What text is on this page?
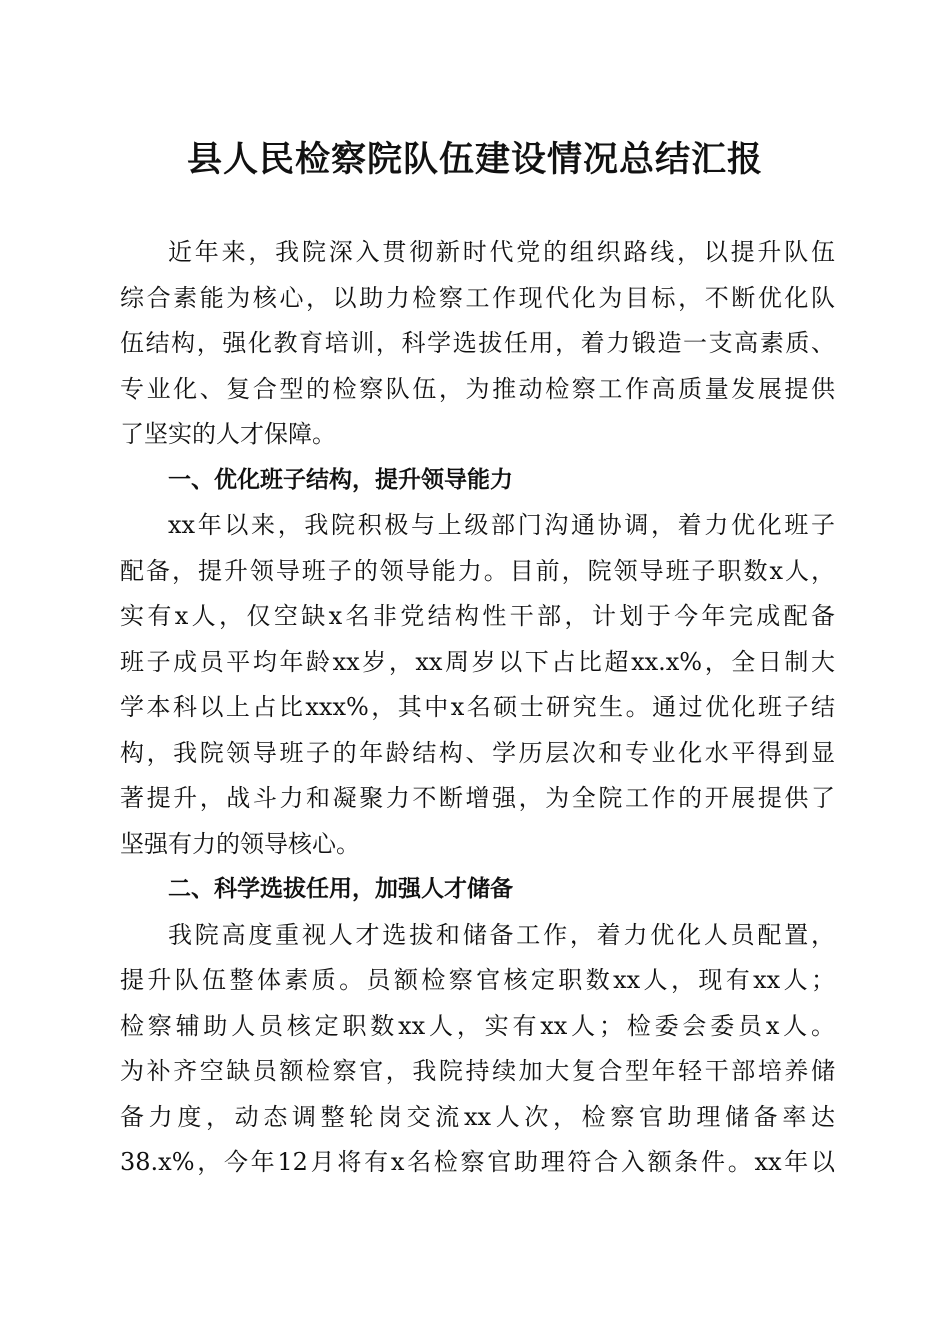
县人民检察院队伍建设情况总结汇报

近年来，我院深入贯彻新时代党的组织路线，以提升队伍

综合素能为核心，以助力检察工作现代化为目标，不断优化队

伍结构，强化教育培训，科学选拔任用，着力锻造一支高素质、

专业化、复合型的检察队伍，为推动检察工作高质量发展提供

了坚实的人才保障。

一、优化班子结构，提升领导能力

xx年以来，我院积极与上级部门沟通协调，着力优化班子

配备，提升领导班子的领导能力。目前，院领导班子职数x人，

实有x人，仅空缺x名非党结构性干部，计划于今年完成配备

班子成员平均年龄xx岁，xx周岁以下占比超xx.x%，全日制大

学本科以上占比xxx%，其中x名硕士研究生。通过优化班子结

构，我院领导班子的年龄结构、学历层次和专业化水平得到显

著提升，战斗力和凝聚力不断增强，为全院工作的开展提供了

坚强有力的领导核心。

二、科学选拔任用，加强人才储备

我院高度重视人才选拔和储备工作，着力优化人员配置，

提升队伍整体素质。员额检察官核定职数xx人，现有xx人；

检察辅助人员核定职数xx人，实有xx人；检委会委员x人。

为补齐空缺员额检察官，我院持续加大复合型年轻干部培养储

备力度，动态调整轮岗交流xx人次，检察官助理储备率达

38.x%，今年12月将有x名检察官助理符合入额条件。xx年以
